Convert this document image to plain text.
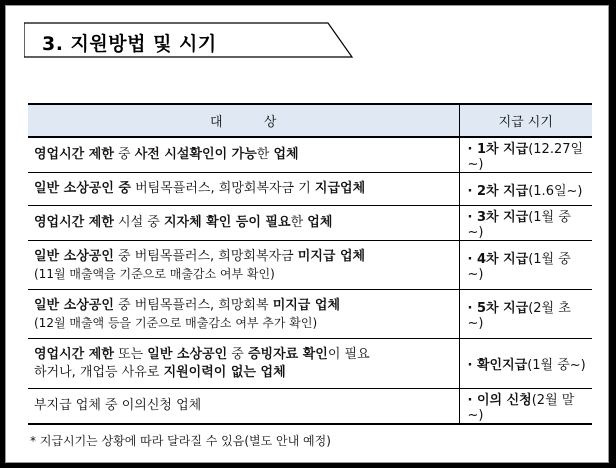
3. 지원방법 및 시기
대          상	지급 시기

영업시간 제한 중 사전 시설확인이 가능한 업체	· 1차 지급(12.27일~)

일반 소상공인 중 버팀목플러스, 희망회복자금 기 지급업체	· 2차 지급(1.6일~)

영업시간 제한 시설 중 지자체 확인 등이 필요한 업체	· 3차 지급(1월 중~)

일반 소상공인 중 버팀목플러스, 희망회복자금 미지급 업체
(11월 매출액을 기준으로 매출감소 여부 확인)	· 4차 지급(1월 중~)

일반 소상공인 중 버팀목플러스, 희망회복 미지급 업체
(12월 매출액 등을 기준으로 매출감소 여부 추가 확인)	· 5차 지급(2월 초~)

영업시간 제한 또는 일반 소상공인 중 증빙자료 확인이 필요
하거나, 개업등 사유로 지원이력이 없는 업체	· 확인지급(1월 중~)

부지급 업체 중 이의신청 업체	· 이의 신청(2월 말~)
* 지급시기는 상황에 따라 달라질 수 있음(별도 안내 예정)
